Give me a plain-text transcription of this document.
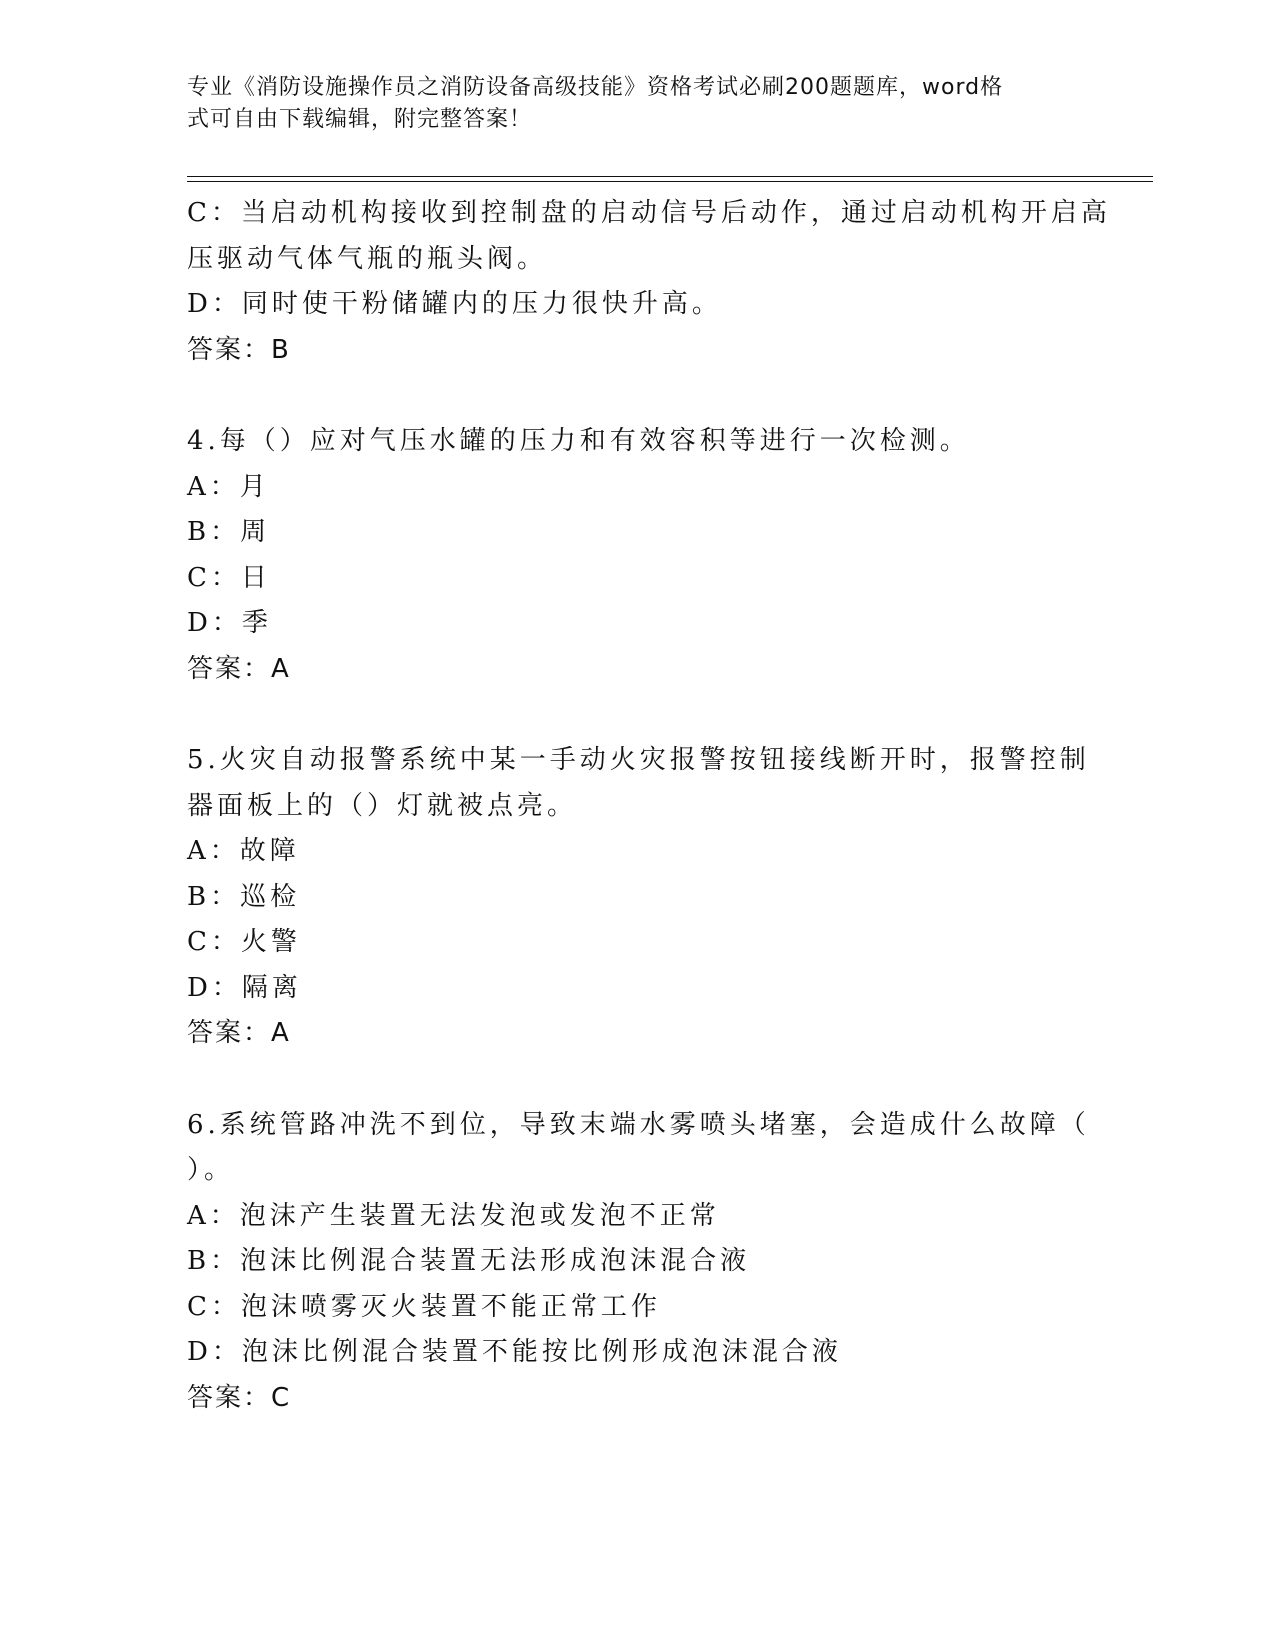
专业《消防设施操作员之消防设备高级技能》资格考试必刷200题题库，word格
式可自由下载编辑，附完整答案！
C：当启动机构接收到控制盘的启动信号后动作，通过启动机构开启高
压驱动气体气瓶的瓶头阀。
D：同时使干粉储罐内的压力很快升高。
答案：B
4.每（）应对气压水罐的压力和有效容积等进行一次检测。
A：月
B：周
C：日
D：季
答案：A
5.火灾自动报警系统中某一手动火灾报警按钮接线断开时，报警控制
器面板上的（）灯就被点亮。
A：故障
B：巡检
C：火警
D：隔离
答案：A
6.系统管路冲洗不到位，导致末端水雾喷头堵塞，会造成什么故障（
）。
A：泡沫产生装置无法发泡或发泡不正常
B：泡沫比例混合装置无法形成泡沫混合液
C：泡沫喷雾灭火装置不能正常工作
D：泡沫比例混合装置不能按比例形成泡沫混合液
答案：C
